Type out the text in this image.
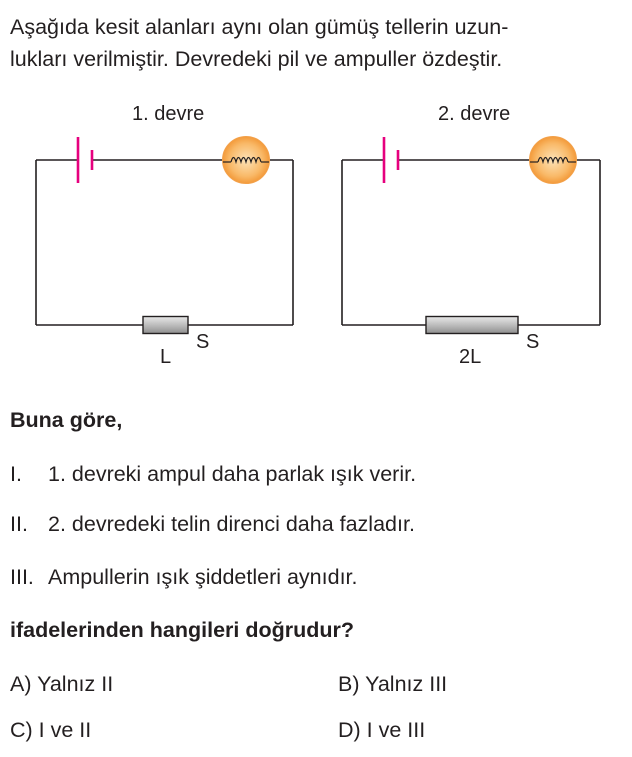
Aşağıda kesit alanları aynı olan gümüş tellerin uzun-
lukları verilmiştir. Devredeki pil ve ampuller özdeştir.
1. devre	2. devre
L
S
2L
S
Buna göre,
I. 1. devreki ampul daha parlak ışık verir.
II. 2. devredeki telin direnci daha fazladır.
III. Ampullerin ışık şiddetleri aynıdır.
ifadelerinden hangileri doğrudur?
A) Yalnız II	B) Yalnız III
C) I ve II	D) I ve III
